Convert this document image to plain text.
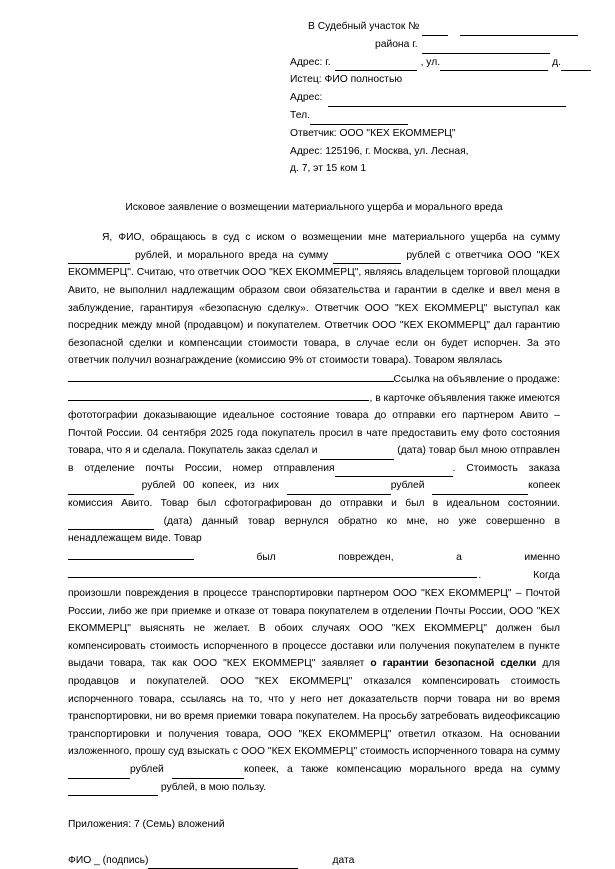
В Судебный участок №
района г.
Адрес: г.	, ул.	д.
Истец: ФИО полностью
Адрес:
Тел.
Ответчик: ООО "КЕХ ЕКОММЕРЦ"
Адрес: 125196, г. Москва, ул. Лесная,
д. 7, эт 15 ком 1
Исковое заявление о возмещении материального ущерба и морального вреда

Я, ФИО, обращаюсь в суд с иском о возмещении мне материального ущерба на сумму  рублей, и морального вреда на сумму	рублей с ответчика ООО "КЕХ ЕКОММЕРЦ". Считаю, что ответчик ООО "КЕХ ЕКОММЕРЦ", являясь владельцем торговой площадки Авито, не выполнил надлежащим образом свои обязательства и гарантии в сделке и ввел меня в заблуждение, гарантируя «безопасную сделку». Ответчик ООО "КЕХ ЕКОММЕРЦ" выступал как посредник между мной (продавцом) и покупателем. Ответчик ООО "КЕХ ЕКОММЕРЦ" дал гарантию безопасной сделки и компенсации стоимости товара, в случае если он будет испорчен. За это ответчик получил вознаграждение (комиссию 9% от стоимости товара). Товаром являлась

Ссылка на объявление о продаже:
, в карточке объявления также имеются

фототографии доказывающие идеальное состояние товара до отправки его партнером Авито – Почтой России. 04 сентября 2025 года покупатель просил в чате предоставить ему фото состояния товара, что я и сделала. Покупатель заказ сделал и	(дата) товар был мною отправлен в отделение почты России, номер отправления	. Стоимость заказа  рублей 00 копеек, из них	рублей	копеек комиссия Авито. Товар был сфотографирован до отправки и был в идеальном состоянии.  (дата) данный товар вернулся обратно ко мне, но уже совершенно в ненадлежащем виде. Товар

был	поврежден,	а	именно
.	Когда

произошли повреждения в процессе транспортировки партнером ООО "КЕХ ЕКОММЕРЦ" – Почтой России, либо же при приемке и отказе от товара покупателем в отделении Почты России, ООО "КЕХ ЕКОММЕРЦ" выяснять не желает. В обоих случаях ООО "КЕХ ЕКОММЕРЦ" должен был компенсировать стоимость испорченного в процессе доставки или получения покупателем в пункте выдачи товара, так как ООО "КЕХ ЕКОММЕРЦ" заявляет о гарантии безопасной сделки для продавцов и покупателей. ООО "КЕХ ЕКОММЕРЦ" отказался компенсировать стоимость испорченного товара, ссылаясь на то, что у него нет доказательств порчи товара ни во время транспортировки, ни во время приемки товара покупателем. На просьбу затребовать видеофиксацию транспортировки и получения товара, ООО "КЕХ ЕКОММЕРЦ" ответил отказом. На основании изложенного, прошу суд взыскать с ООО "КЕХ ЕКОММЕРЦ" стоимость испорченного товара на сумму рублей	копеек, а также компенсацию морального вреда на сумму  рублей, в мою пользу.

Приложения: 7 (Семь) вложений
ФИО _ (подпись)	дата
